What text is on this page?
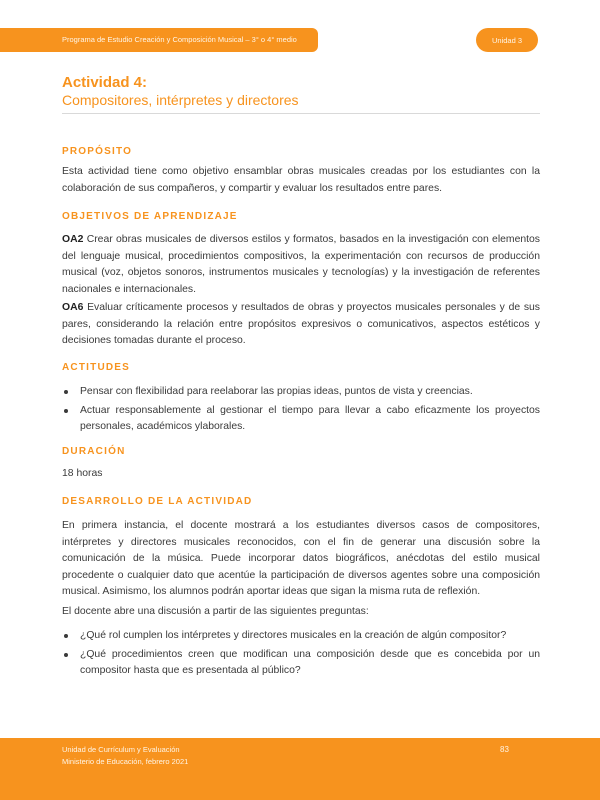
Programa de Estudio Creación y Composición Musical – 3° o 4° medio	Unidad 3
Actividad 4:
Compositores, intérpretes y directores
PROPÓSITO
Esta actividad tiene como objetivo ensamblar obras musicales creadas por los estudiantes con la colaboración de sus compañeros, y compartir y evaluar los resultados entre pares.
OBJETIVOS DE APRENDIZAJE
OA2 Crear obras musicales de diversos estilos y formatos, basados en la investigación con elementos del lenguaje musical, procedimientos compositivos, la experimentación con recursos de producción musical (voz, objetos sonoros, instrumentos musicales y tecnologías) y la investigación de referentes nacionales e internacionales.
OA6 Evaluar críticamente procesos y resultados de obras y proyectos musicales personales y de sus pares, considerando la relación entre propósitos expresivos o comunicativos, aspectos estéticos y decisiones tomadas durante el proceso.
ACTITUDES
Pensar con flexibilidad para reelaborar las propias ideas, puntos de vista y creencias.
Actuar responsablemente al gestionar el tiempo para llevar a cabo eficazmente los proyectos personales, académicos ylaborales.
DURACIÓN
18 horas
DESARROLLO DE LA ACTIVIDAD
En primera instancia, el docente mostrará a los estudiantes diversos casos de compositores, intérpretes y directores musicales reconocidos, con el fin de generar una discusión sobre la comunicación de la música. Puede incorporar datos biográficos, anécdotas del estilo musical procedente o cualquier dato que acentúe la participación de diversos agentes sobre una composición musical. Asimismo, los alumnos podrán aportar ideas que sigan la misma ruta de reflexión.
El docente abre una discusión a partir de las siguientes preguntas:
¿Qué rol cumplen los intérpretes y directores musicales en la creación de algún compositor?
¿Qué procedimientos creen que modifican una composición desde que es concebida por un compositor hasta que es presentada al público?
Unidad de Currículum y Evaluación
Ministerio de Educación, febrero 2021
83
